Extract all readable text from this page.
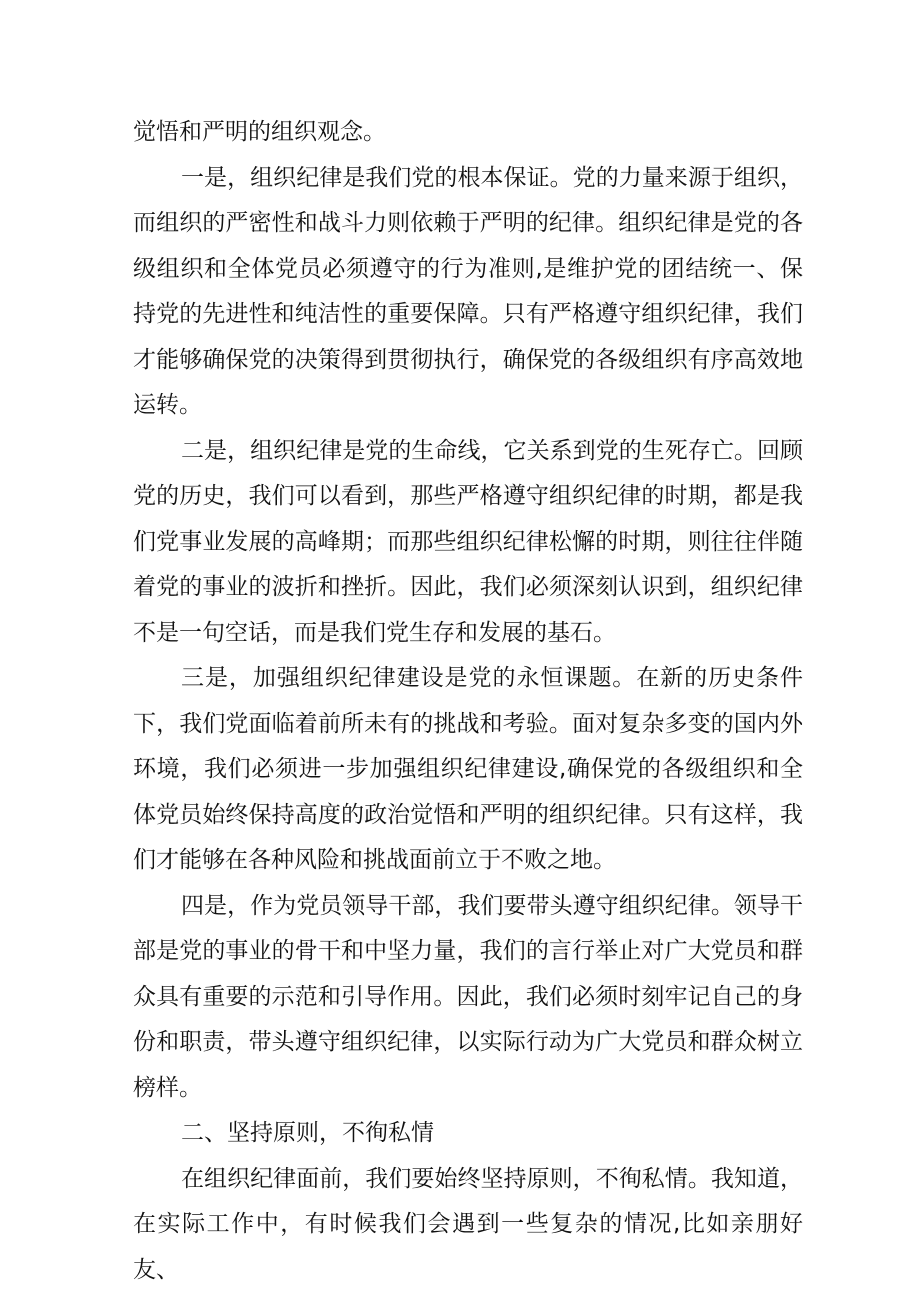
觉悟和严明的组织观念。

一是，组织纪律是我们党的根本保证。党的力量来源于组织，而组织的严密性和战斗力则依赖于严明的纪律。组织纪律是党的各级组织和全体党员必须遵守的行为准则,是维护党的团结统一、保持党的先进性和纯洁性的重要保障。只有严格遵守组织纪律，我们才能够确保党的决策得到贯彻执行，确保党的各级组织有序高效地运转。

二是，组织纪律是党的生命线，它关系到党的生死存亡。回顾党的历史，我们可以看到，那些严格遵守组织纪律的时期，都是我们党事业发展的高峰期；而那些组织纪律松懈的时期，则往往伴随着党的事业的波折和挫折。因此，我们必须深刻认识到，组织纪律不是一句空话，而是我们党生存和发展的基石。

三是，加强组织纪律建设是党的永恒课题。在新的历史条件下，我们党面临着前所未有的挑战和考验。面对复杂多变的国内外环境，我们必须进一步加强组织纪律建设,确保党的各级组织和全体党员始终保持高度的政治觉悟和严明的组织纪律。只有这样，我们才能够在各种风险和挑战面前立于不败之地。

四是，作为党员领导干部，我们要带头遵守组织纪律。领导干部是党的事业的骨干和中坚力量，我们的言行举止对广大党员和群众具有重要的示范和引导作用。因此，我们必须时刻牢记自己的身份和职责，带头遵守组织纪律，以实际行动为广大党员和群众树立榜样。

二、坚持原则，不徇私情

在组织纪律面前，我们要始终坚持原则，不徇私情。我知道，在实际工作中，有时候我们会遇到一些复杂的情况,比如亲朋好友、
